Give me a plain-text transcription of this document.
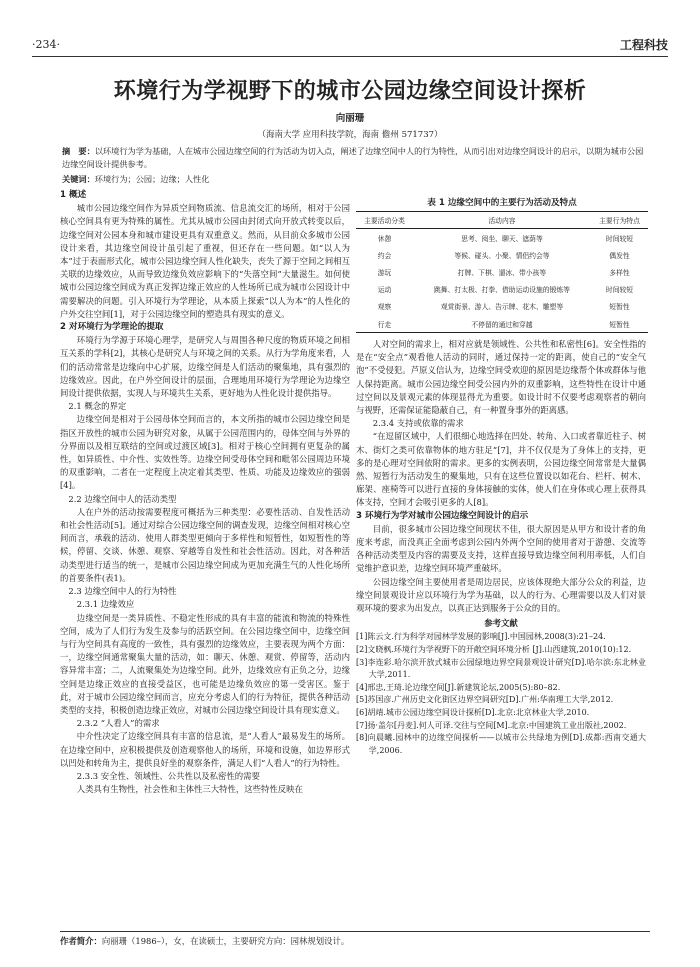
·234·	工程科技
环境行为学视野下的城市公园边缘空间设计探析
向丽珊
（海南大学 应用科技学院，海南 儋州 571737）
摘　要：以环境行为学为基础，人在城市公园边缘空间的行为活动为切入点，阐述了边缘空间中人的行为特性，从而引出对边缘空间设计的启示，以期为城市公园边缘空间设计提供参考。
关键词：环境行为；公园；边缘；人性化
1 概述

城市公园边缘空间作为异质空间物质流、信息流交汇的场所，相对于公园核心空间具有更为特殊的属性。尤其从城市公园由封闭式向开放式转变以后，边缘空间对公园本身和城市建设更具有双重意义。然而，从目前众多城市公园设计来看，其边缘空间设计虽引起了重视，但还存在一些问题。如“以人为本”过于表面形式化，城市公园边缘空间人性化缺失，丧失了源于空间之间相互关联的边缘效应，从而导致边缘负效应影响下的“失落空间”大量滋生。如何使城市公园边缘空间成为真正发挥边缘正效应的人性场所已成为城市公园设计中需要解决的问题。引入环境行为学理论，从本质上探索“以人为本”的人性化的户外交往空间[1]，对于公园边缘空间的塑造具有现实的意义。

2 对环境行为学理论的提取

环境行为学源于环境心理学，是研究人与周围各种尺度的物质环境之间相互关系的学科[2]，其核心是研究人与环境之间的关系。从行为学角度来看，人们的活动常常是边缘向中心扩展，边缘空间是人们活动的聚集地，具有强烈的边缘效应。因此，在户外空间设计的层面，合理地用环境行为学理论为边缘空间设计提供依据，实现人与环境共生关系，更好地为人性化设计提供指导。

2.1 概念的界定

边缘空间是相对于公园母体空间而言的，本文所指的城市公园边缘空间是指区开放性的城市公园为研究对象，从属于公园范围内的，母体空间与外界的分界面以及相互联结的空间或过渡区域[3]。相对于核心空间拥有更复杂的属性，如异质性、中介性、实效性等。边缘空间受母体空间和毗邻公园周边环境的双重影响，二者在一定程度上决定着其类型、性质、功能及边缘效应的强弱[4]。

2.2 边缘空间中人的活动类型

人在户外的活动按需要程度可概括为三种类型：必要性活动、自发性活动和社会性活动[5]。通过对综合公园边缘空间的调查发现，边缘空间相对核心空间而言，承载的活动、使用人群类型更倾向于多样性和短暂性，如短暂性的等候，停留、交谈、休憩、观察、穿越等自发性和社会性活动。因此，对各种活动类型进行适当的统一，是城市公园边缘空间成为更加充满生气的人性化场所的首要条件(表1)。

2.3 边缘空间中人的行为特性
2.3.1 边缘效应

边缘空间是一类异质性、不稳定性形成的具有丰富的能流和物流的特殊性空间，成为了人们行为发生及参与的活跃空间。在公园边缘空间中，边缘空间与行为空间具有高度的一致性，具有强烈的边缘效应，主要表现为两个方面：一，边缘空间通常聚集大量的活动，如：聊天、休憩、观赏、停留等，活动内容异常丰富；二，人流聚集处为边缘空间。此外，边缘效应有正负之分，边缘空间是边缘正效应的直接受益区，也可能是边缘负效应的第一受害区。鉴于此，对于城市公园边缘空间而言，应充分考虑人们的行为特征，提供各种活动类型的支持，积极创造边缘正效应，对城市公园边缘空间设计具有现实意义。

2.3.2 “人看人”的需求

中介性决定了边缘空间具有丰富的信息流，是“人看人”最易发生的场所。在边缘空间中，应积极提供及创造观察他人的场所，环境和设施，如边界形式以凹处和转角为主，提供良好坐的观察条件，满足人们“人看人”的行为特性。

2.3.3 安全性、领域性、公共性以及私密性的需要

人类具有生物性，社会性和主体性三大特性，这些特性反映在

表 1 边缘空间中的主要行为活动及特点
主要活动分类	活动内容	主要行为特点
休憩	思考、阅坐、聊天、遮荫等	时间较短
约会	等候、碰头、小聚、情侣约会等	偶发性
游玩	打牌、下棋、遛冰、带小孩等	多样性
运动	跳舞、打太极、打拳、借助运动设施的锻炼等	时间较短
观察	观赏街景、游人、告示牌、花木、雕塑等	短暂性
行走	不停留的通过和穿越	短暂性

人对空间的需求上，相对应就是领域性、公共性和私密性[6]。安全性指的是在“安全点”观看他人活动的同时，通过保持一定的距离，使自己的“安全气泡”不受侵犯。芦原义信认为，边缘空间受欢迎的原因是边缘帮个体或群体与他人保持距离。城市公园边缘空间受公园内外的双重影响，这些特性在设计中通过空间以及景观元素的体现显得尤为重要。如设计时不仅要考虑观察者的朝向与视野，还需保证能隐蔽自己，有一种置身事外的距离感。

2.3.4 支持或依靠的需求

“在逗留区域中，人们很细心地选择在凹处、转角、入口或者靠近柱子、树木、街灯之类可依靠物体的地方驻足”[7]，并不仅仅是为了身体上的支持，更多的是心理对空间依附的需求。更多的实例表明，公园边缘空间常常是大量偶然、短暂行为活动发生的聚集地，只有在这些位置设以如花台、栏杆、树木、廊架、座椅等可以进行直接的身体接触的实体，使人们在身体或心理上获得具体支持，空间才会吸引更多的人[8]。

3 环境行为学对城市公园边缘空间设计的启示

目前，很多城市公园边缘空间现状不佳，很大原因是从甲方和设计者的角度来考虑，而没真正全面考虑到公园内外两个空间的使用者对于游憩、交流等各种活动类型及内容的需要及支持，这样直接导致边缘空间利用率低，人们自觉维护意识差，边缘空间环境严重破坏。

公园边缘空间主要使用者是周边居民，应该体现绝大部分公众的利益，边缘空间景观设计应以环境行为学为基础，以人的行为、心理需要以及人们对景观环境的要求为出发点，以真正达到服务于公众的目的。

参考文献
[1]陈云文.行为科学对园林学发展的影响[J].中国园林,2008(3):21–24.
[2]文晓枫.环境行为学视野下的开敞空间环境分析 [J].山西建筑,2010(10):12.
[3]李连彩.哈尔滨开放式城市公园绿地边界空间景观设计研究[D].哈尔滨:东北林业大学,2011.
[4]邢忠,王琦.论边缘空间[J].新建筑论坛,2005(5):80–82.
[5]苏国彦.广州历史文化街区边界空间研究[D].广州:华南理工大学,2012.
[6]胡靖.城市公园边缘空间设计探析[D].北京:北京林业大学,2010.
[7]扬·盖尔[丹麦].何人可译.交往与空间[M].北京:中国建筑工业出版社,2002.
[8]向晨曦.园林中的边缘空间探析——以城市公共绿地为例[D].成都:西南交通大学,2006.
作者简介：向丽珊（1986–），女，在读硕士，主要研究方向：园林规划设计。
